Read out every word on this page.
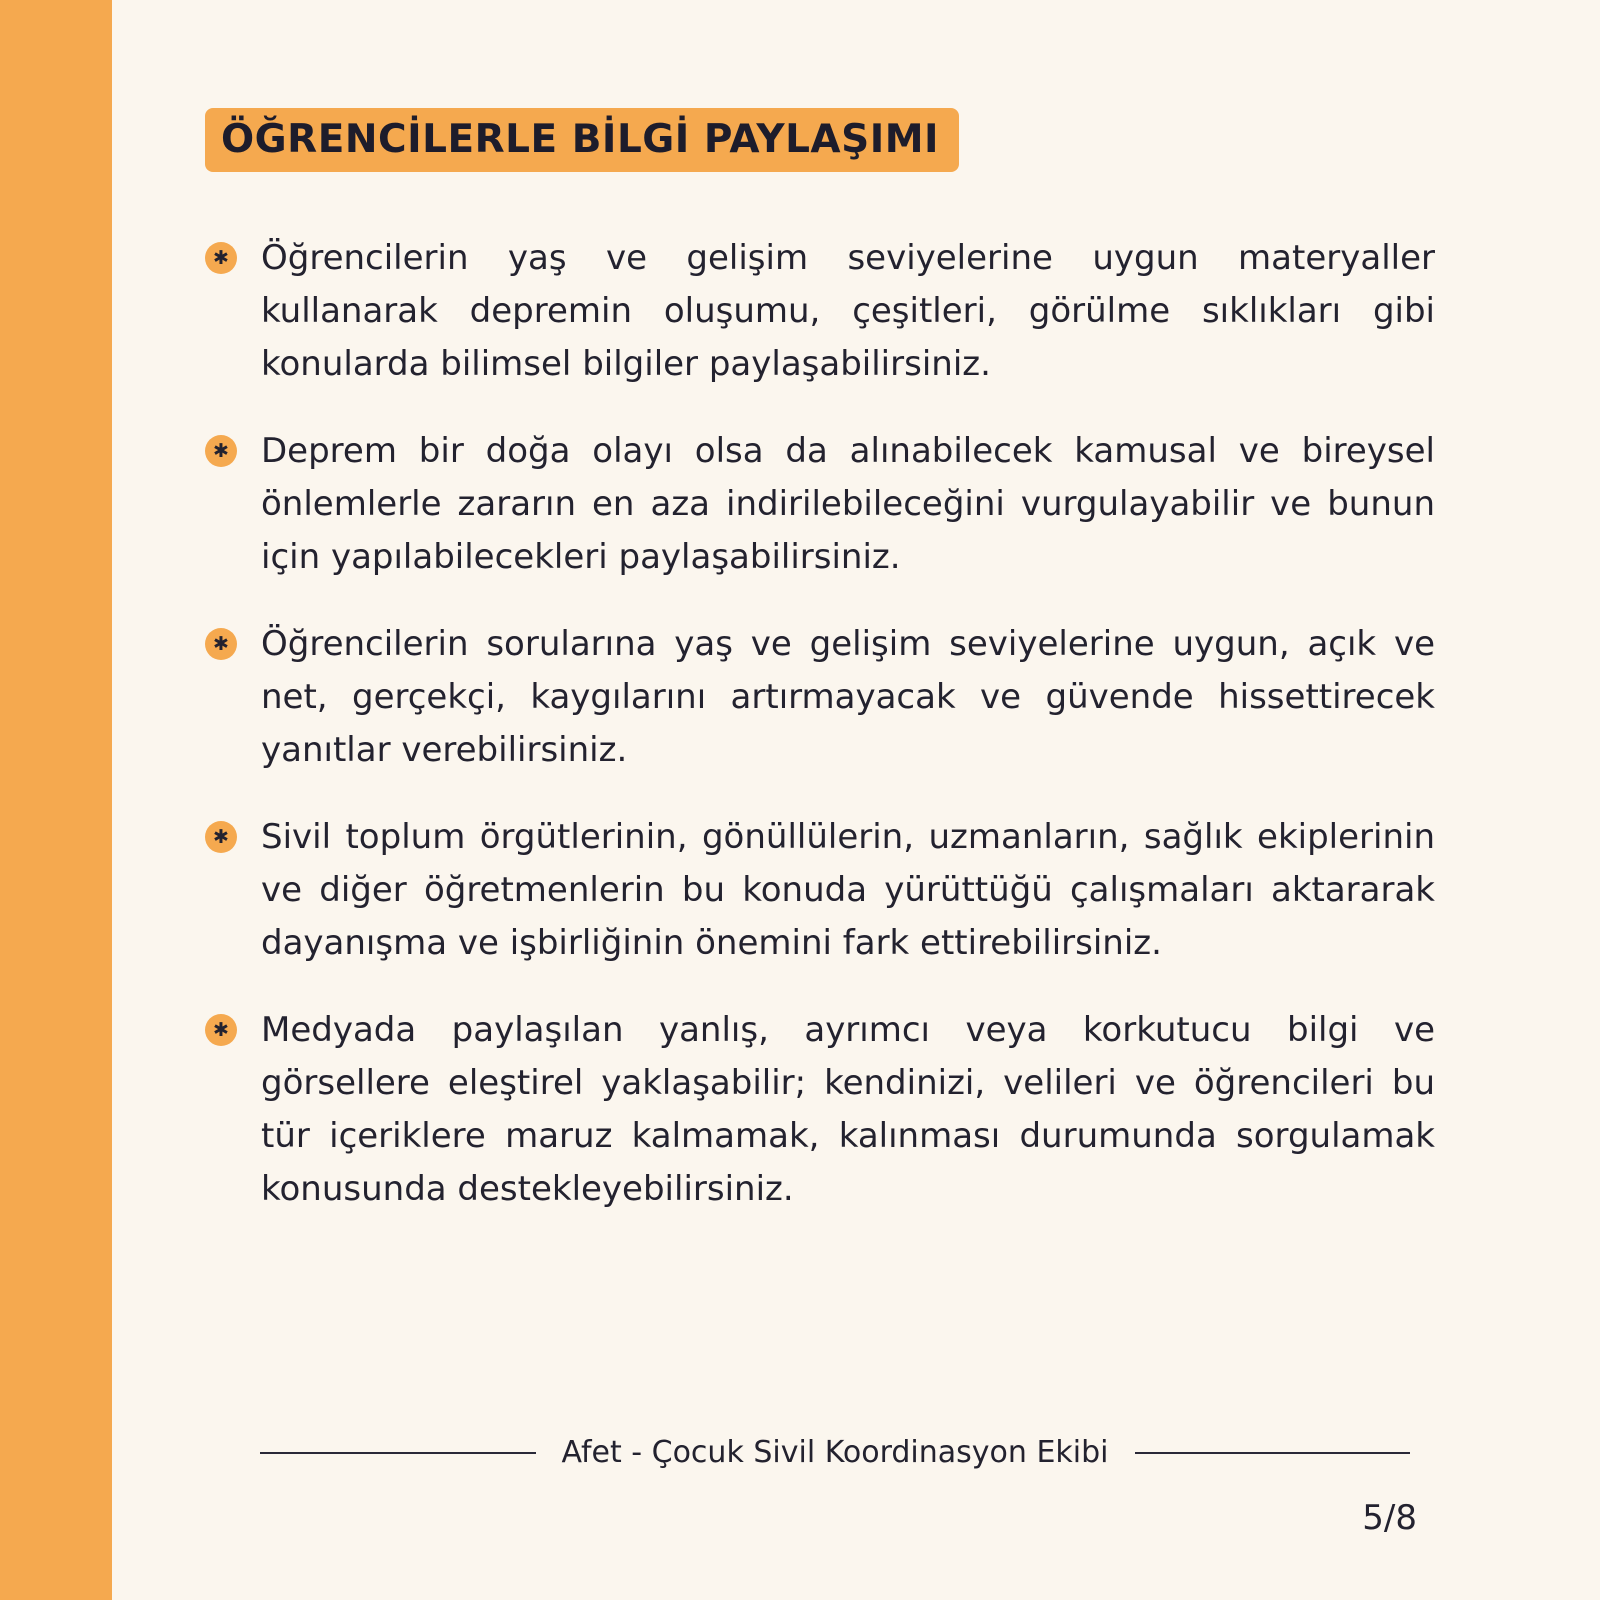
ÖĞRENCİLERLE BİLGİ PAYLAŞIMI
✱ Öğrencilerin yaş ve gelişim seviyelerine uygun materyaller kullanarak depremin oluşumu, çeşitleri, görülme sıklıkları gibi konularda bilimsel bilgiler paylaşabilirsiniz.

✱ Deprem bir doğa olayı olsa da alınabilecek kamusal ve bireysel önlemlerle zararın en aza indirilebileceğini vurgulayabilir ve bunun için yapılabilecekleri paylaşabilirsiniz.

✱ Öğrencilerin sorularına yaş ve gelişim seviyelerine uygun, açık ve net, gerçekçi, kaygılarını artırmayacak ve güvende hissettirecek yanıtlar verebilirsiniz.

✱ Sivil toplum örgütlerinin, gönüllülerin, uzmanların, sağlık ekiplerinin ve diğer öğretmenlerin bu konuda yürüttüğü çalışmaları aktararak dayanışma ve işbirliğinin önemini fark ettirebilirsiniz.

✱ Medyada paylaşılan yanlış, ayrımcı veya korkutucu bilgi ve görsellere eleştirel yaklaşabilir; kendinizi, velileri ve öğrencileri bu tür içeriklere maruz kalmamak, kalınması durumunda sorgulamak konusunda destekleyebilirsiniz.

Afet - Çocuk Sivil Koordinasyon Ekibi
5/8
